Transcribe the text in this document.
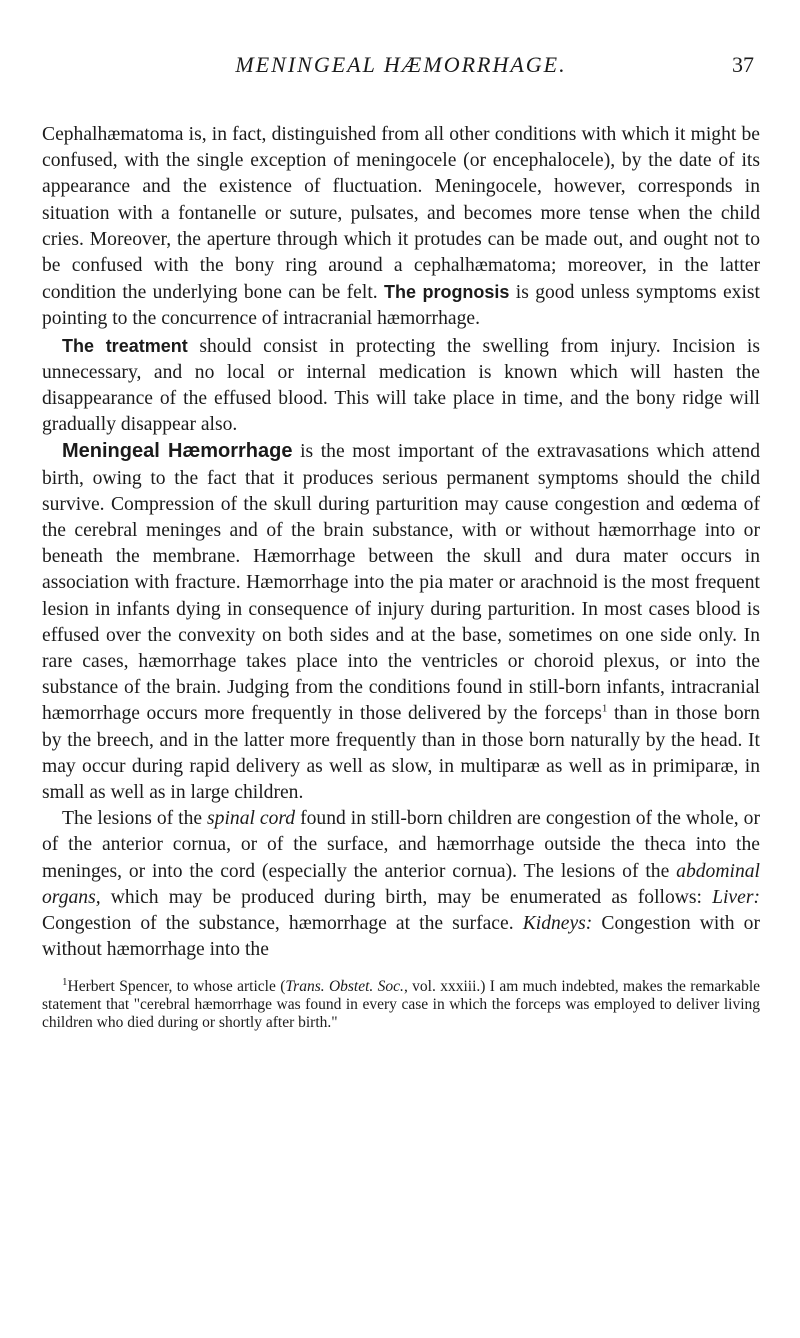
MENINGEAL HÆMORRHAGE.	37

Cephalhæmatoma is, in fact, distinguished from all other conditions with which it might be confused, with the single exception of meningocele (or encephalocele), by the date of its appearance and the existence of fluctuation. Meningocele, however, corresponds in situation with a fontanelle or suture, pulsates, and becomes more tense when the child cries. Moreover, the aperture through which it protudes can be made out, and ought not to be confused with the bony ring around a cephalhæmatoma; moreover, in the latter condition the underlying bone can be felt. The prognosis is good unless symptoms exist pointing to the concurrence of intracranial hæmorrhage.

The treatment should consist in protecting the swelling from injury. Incision is unnecessary, and no local or internal medication is known which will hasten the disappearance of the effused blood. This will take place in time, and the bony ridge will gradually disappear also.

Meningeal Hæmorrhage is the most important of the extravasations which attend birth, owing to the fact that it produces serious permanent symptoms should the child survive. Compression of the skull during parturition may cause congestion and œdema of the cerebral meninges and of the brain substance, with or without hæmorrhage into or beneath the membrane. Hæmorrhage between the skull and dura mater occurs in association with fracture. Hæmorrhage into the pia mater or arachnoid is the most frequent lesion in infants dying in consequence of injury during parturition. In most cases blood is effused over the convexity on both sides and at the base, sometimes on one side only. In rare cases, hæmorrhage takes place into the ventricles or choroid plexus, or into the substance of the brain. Judging from the conditions found in still-born infants, intracranial hæmorrhage occurs more frequently in those delivered by the forceps$^1$ than in those born by the breech, and in the latter more frequently than in those born naturally by the head. It may occur during rapid delivery as well as slow, in multiparæ as well as in primiparæ, in small as well as in large children.

The lesions of the spinal cord found in still-born children are congestion of the whole, or of the anterior cornua, or of the surface, and hæmorrhage outside the theca into the meninges, or into the cord (especially the anterior cornua). The lesions of the abdominal organs, which may be produced during birth, may be enumerated as follows: Liver: Congestion of the substance, hæmorrhage at the surface. Kidneys: Congestion with or without hæmorrhage into the

$^1$Herbert Spencer, to whose article (Trans. Obstet. Soc., vol. xxxiii.) I am much indebted, makes the remarkable statement that "cerebral hæmorrhage was found in every case in which the forceps was employed to deliver living children who died during or shortly after birth."
